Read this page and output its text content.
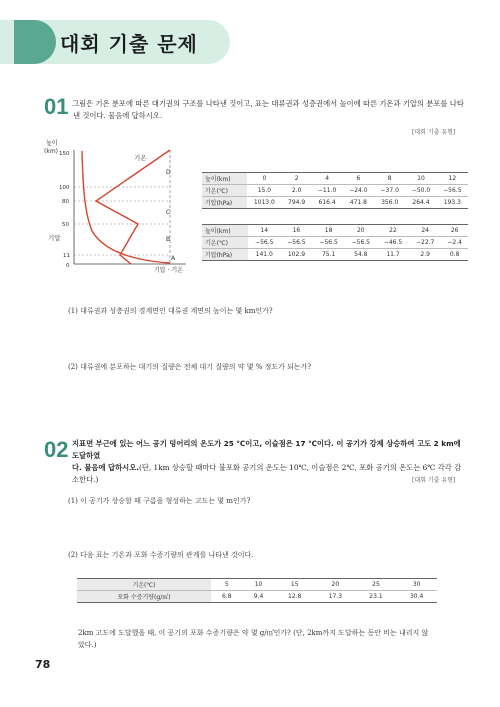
대회 기출 문제
01 그림은 기온 분포에 따른 대기권의 구조를 나타낸 것이고, 표는 대류권과 성층권에서 높이에 따른 기온과 기압의 분포를 나타
낸 것이다. 물음에 답하시오.
[대회 기출 유형]
높이
(km) 150
100
80
50
11
0
D
C
B
A
기온
기압
기압 · 기온
높이(km)	0	2	4	6	8	10	12
기온(℃)	15.0	2.0	−11.0	−24.0	−37.0	−50.0	−56.5
기압(hPa)	1013.0	794.9	616.4	471.8	356.0	264.4	193.3
높이(km)	14	16	18	20	22	24	26
기온(℃)	−56.5	−56.5	−56.5	−56.5	−46.5	−22.7	−2.4
기압(hPa)	141.0	102.9	75.1	54.8	11.7	2.9	0.8
(1) 대류권과 성층권의 경계면인 대류권 계면의 높이는 몇 km인가?
(2) 대류권에 분포하는 대기의 질량은 전체 대기 질량의 약 몇 % 정도가 되는가?
02 지표면 부근에 있는 어느 공기 덩어리의 온도가 25 ℃이고, 이슬점은 17 ℃이다. 이 공기가 강제 상승하여 고도 2 km에 도달하였
다. 물음에 답하시오.(단, 1km 상승할 때마다 불포화 공기의 온도는 10℃, 이슬점은 2℃, 포화 공기의 온도는 6℃ 각각 감
소한다.)	[대회 기출 유형]
(1) 이 공기가 상승할 때 구름을 형성하는 고도는 몇 m인가?
(2) 다음 표는 기온과 포화 수증기량의 관계를 나타낸 것이다.
기온(℃)	5	10	15	20	25	30
포화 수증기량(g/㎥)	6.8	9.4	12.8	17.3	23.1	30.4
2km 고도에 도달했을 때, 이 공기의 포화 수증기량은 약 몇 g/㎥인가? (단, 2km까지 도달하는 동안 비는 내리지 않
았다.)
78
